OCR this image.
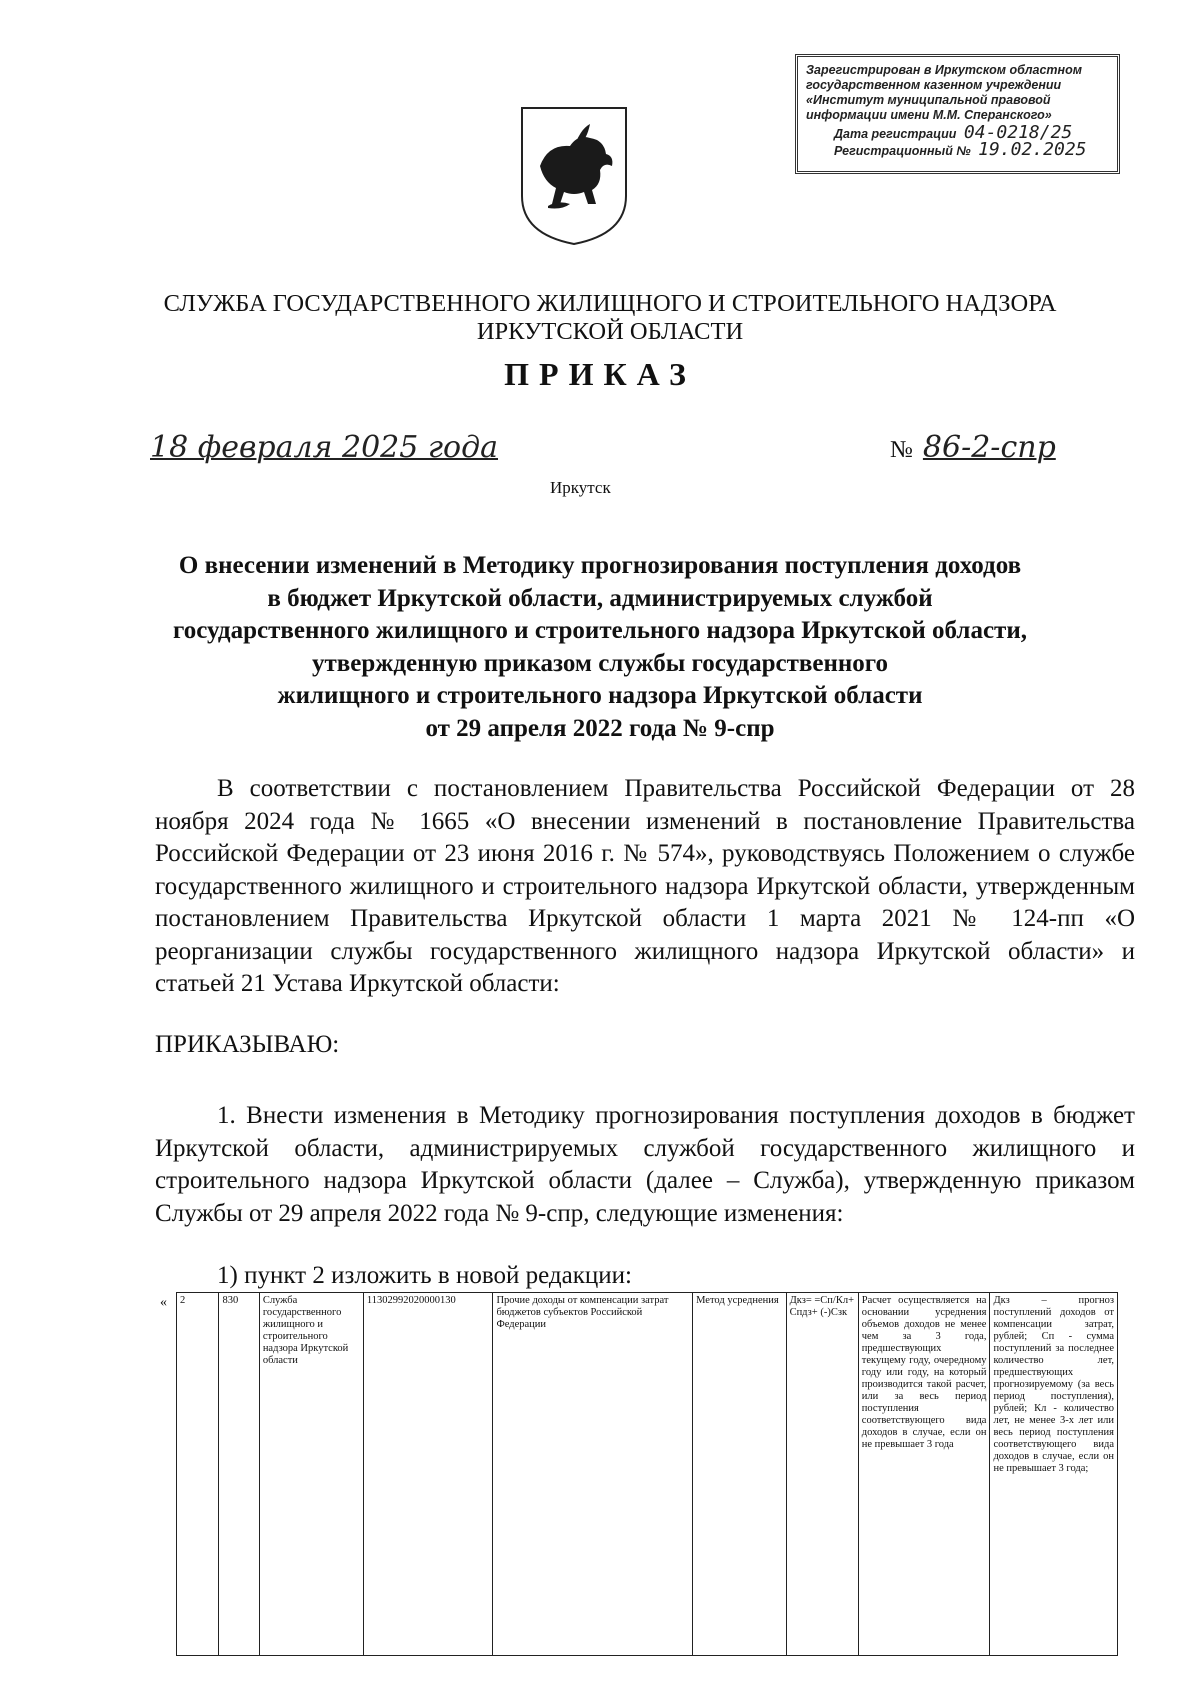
Зарегистрирован в Иркутском областном
государственном казенном учреждении
«Институт муниципальной правовой
информации имени М.М. Сперанского»
Дата регистрации 04-0218/25
Регистрационный № 19.02.2025
СЛУЖБА ГОСУДАРСТВЕННОГО ЖИЛИЩНОГО И СТРОИТЕЛЬНОГО НАДЗОРА
ИРКУТСКОЙ ОБЛАСТИ
ПРИКАЗ
18 февраля 2025 года	№ 86-2-спр
Иркутск
О внесении изменений в Методику прогнозирования поступления доходов
в бюджет Иркутской области, администрируемых службой
государственного жилищного и строительного надзора Иркутской области,
утвержденную приказом службы государственного
жилищного и строительного надзора Иркутской области
от 29 апреля 2022 года № 9-спр
В соответствии с постановлением Правительства Российской Федерации от 28 ноября 2024 года № 1665 «О внесении изменений в постановление Правительства Российской Федерации от 23 июня 2016 г. № 574», руководствуясь Положением о службе государственного жилищного и строительного надзора Иркутской области, утвержденным постановлением Правительства Иркутской области 1 марта 2021 № 124-пп «О реорганизации службы государственного жилищного надзора Иркутской области» и статьей 21 Устава Иркутской области:
ПРИКАЗЫВАЮ:
1. Внести изменения в Методику прогнозирования поступления доходов в бюджет Иркутской области, администрируемых службой государственного жилищного и строительного надзора Иркутской области (далее – Служба), утвержденную приказом Службы от 29 апреля 2022 года № 9-спр, следующие изменения:
1) пункт 2 изложить в новой редакции:
« 2	830	Служба государственного жилищного и строительного надзора Иркутской области	11302992020000130	Прочие доходы от компенсации затрат бюджетов субъектов Российской Федерации	Метод усреднения	Дкз= =Сп/Кл+ Спдз+ (-)Сзк	Расчет осуществляется на основании усреднения объемов доходов не менее чем за 3 года, предшествующих текущему году, очередному году или году, на который производится такой расчет, или за весь период поступления соответствующего вида доходов в случае, если он не превышает 3 года	Дкз – прогноз поступлений доходов от компенсации затрат, рублей; Сп - сумма поступлений за последнее количество лет, предшествующих прогнозируемому (за весь период поступления), рублей; Кл - количество лет, не менее 3-х лет или весь период поступления соответствующего вида доходов в случае, если он не превышает 3 года;
